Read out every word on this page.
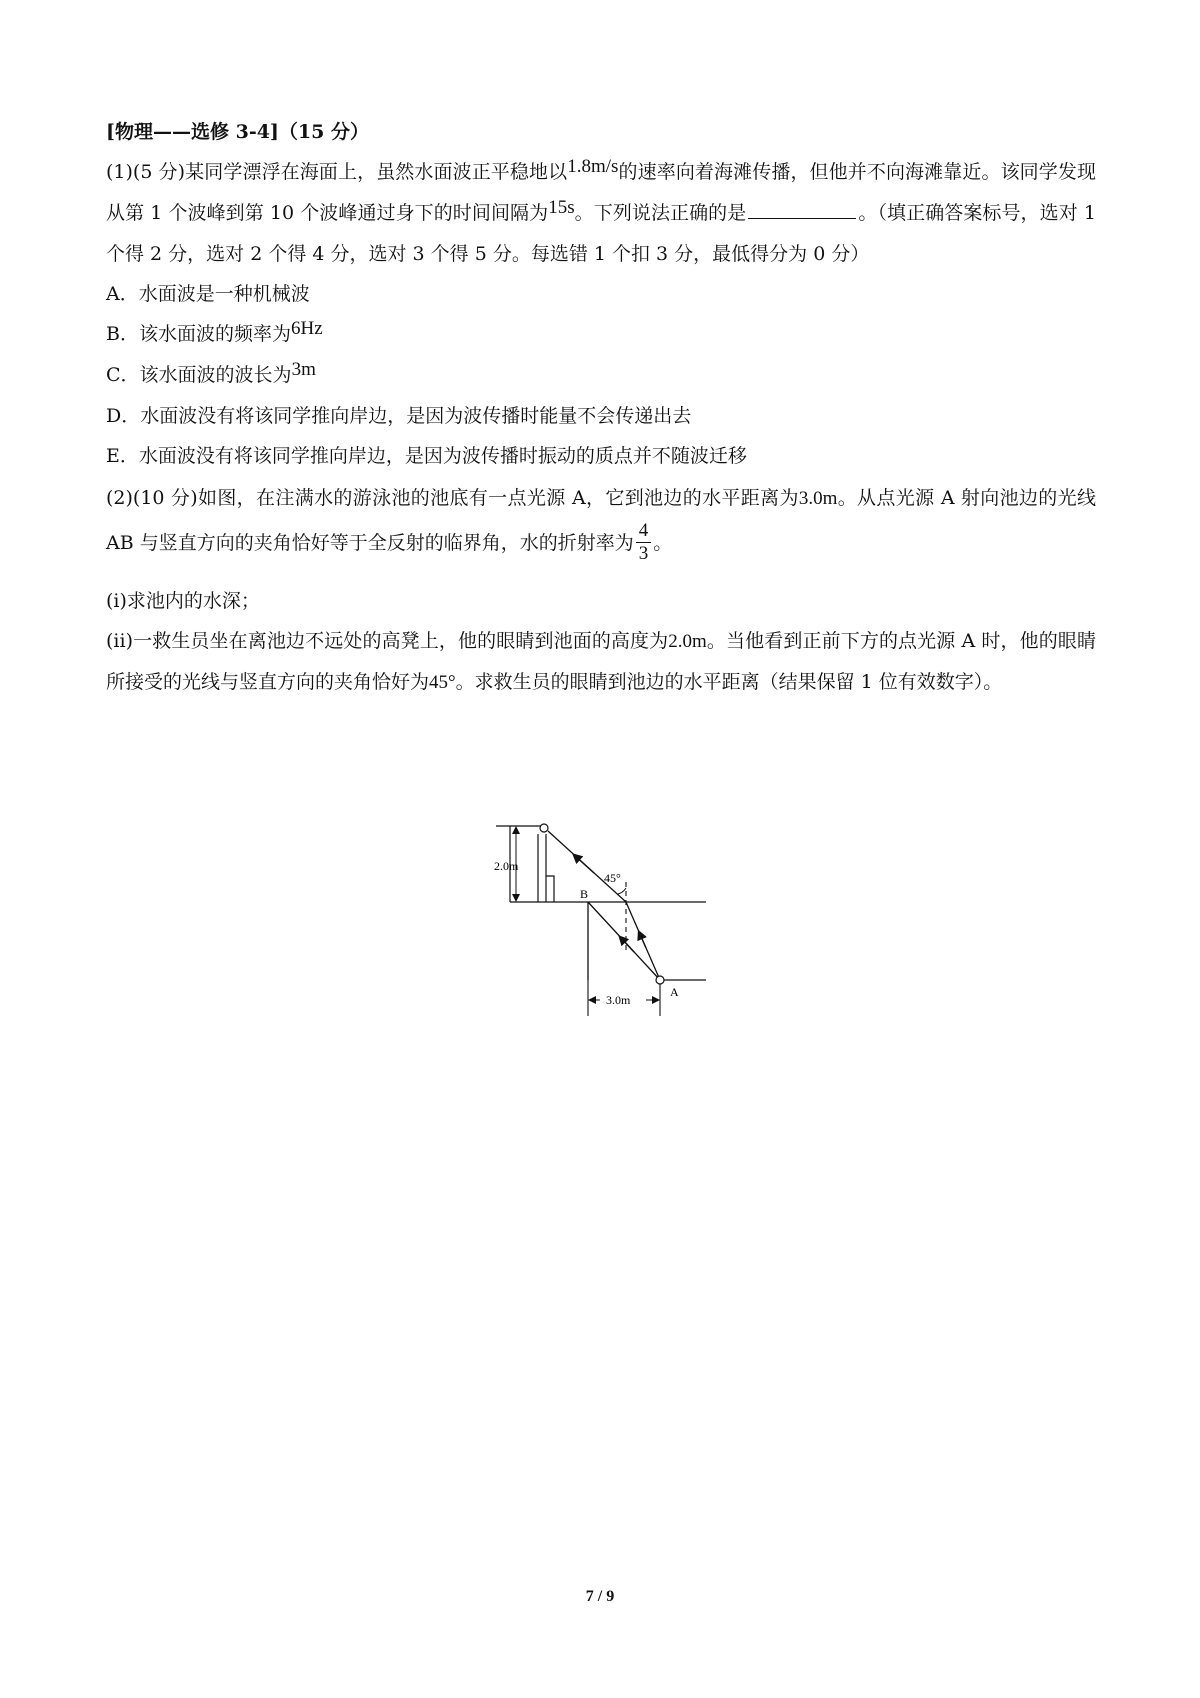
[物理——选修 3-4]（15 分）

(1)(5 分)某同学漂浮在海面上，虽然水面波正平稳地以1.8m/s的速率向着海滩传播，但他并不向海滩靠近。该同学发现从第 1 个波峰到第 10 个波峰通过身下的时间间隔为15s。下列说法正确的是	。（填正确答案标号，选对 1 个得 2 分，选对 2 个得 4 分，选对 3 个得 5 分。每选错 1 个扣 3 分，最低得分为 0 分）

A．水面波是一种机械波

B．该水面波的频率为6Hz

C．该水面波的波长为3m

D．水面波没有将该同学推向岸边，是因为波传播时能量不会传递出去

E．水面波没有将该同学推向岸边，是因为波传播时振动的质点并不随波迁移

(2)(10 分)如图，在注满水的游泳池的池底有一点光源 A，它到池边的水平距离为3.0m。从点光源 A 射向池边的光线 AB 与竖直方向的夹角恰好等于全反射的临界角，水的折射率为 $\frac{4}{3}$ 。

(i)求池内的水深；

(ii)一救生员坐在离池边不远处的高凳上，他的眼睛到池面的高度为2.0m。当他看到正前下方的点光源 A 时，他的眼睛所接受的光线与竖直方向的夹角恰好为45°。求救生员的眼睛到池边的水平距离（结果保留 1 位有效数字）。

2.0m
B
45°
A
3.0m
7 / 9
